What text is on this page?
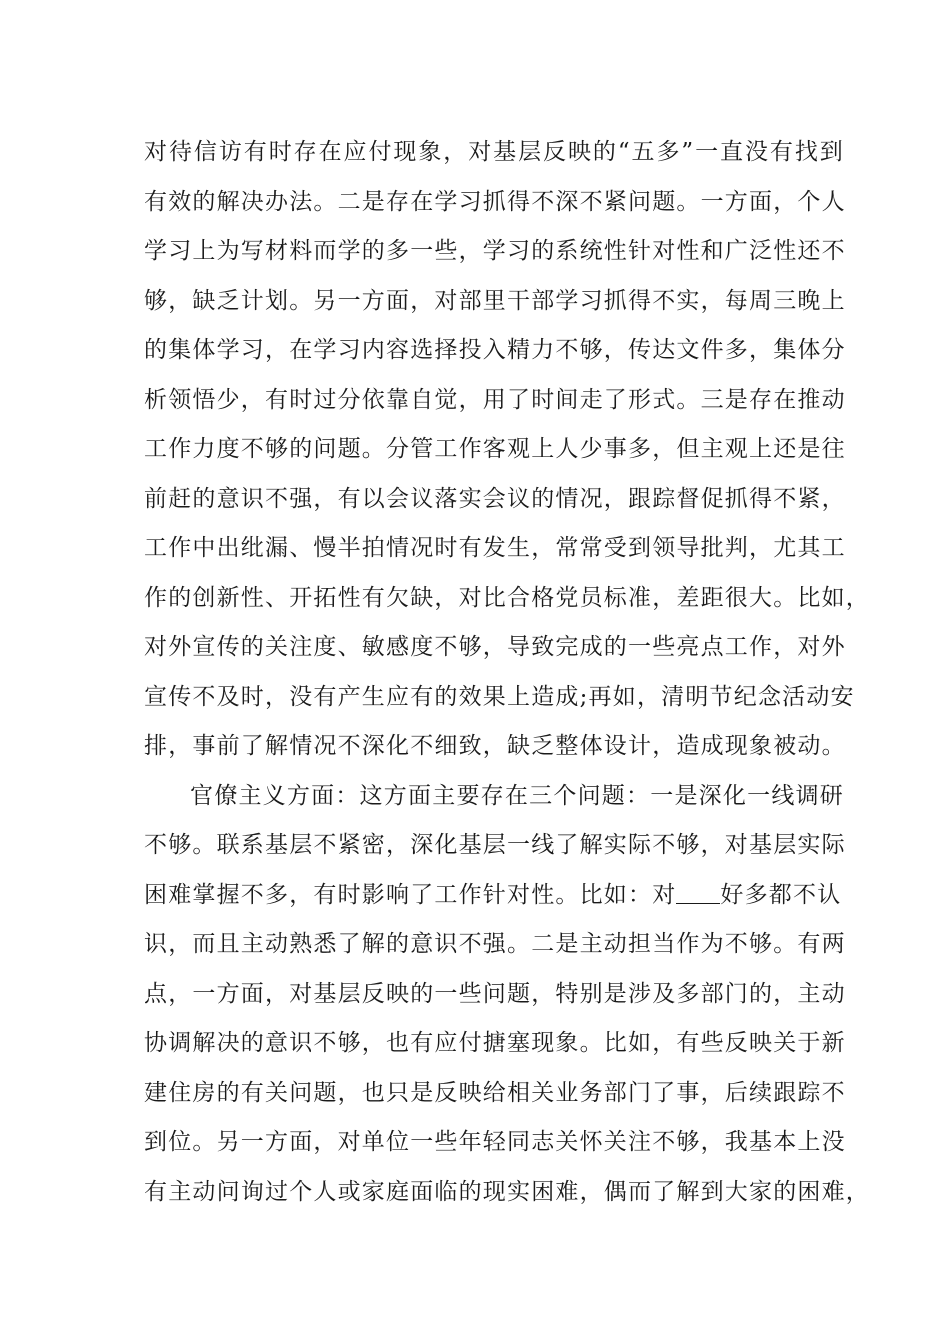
对待信访有时存在应付现象，对基层反映的“五多”一直没有找到
有效的解决办法。二是存在学习抓得不深不紧问题。一方面，个人
学习上为写材料而学的多一些，学习的系统性针对性和广泛性还不
够，缺乏计划。另一方面，对部里干部学习抓得不实，每周三晚上
的集体学习，在学习内容选择投入精力不够，传达文件多，集体分
析领悟少，有时过分依靠自觉，用了时间走了形式。三是存在推动
工作力度不够的问题。分管工作客观上人少事多，但主观上还是往
前赶的意识不强，有以会议落实会议的情况，跟踪督促抓得不紧，
工作中出纰漏、慢半拍情况时有发生，常常受到领导批判，尤其工
作的创新性、开拓性有欠缺，对比合格党员标准，差距很大。比如，
对外宣传的关注度、敏感度不够，导致完成的一些亮点工作，对外
宣传不及时，没有产生应有的效果上造成;再如，清明节纪念活动安
排，事前了解情况不深化不细致，缺乏整体设计，造成现象被动。
官僚主义方面：这方面主要存在三个问题：一是深化一线调研
不够。联系基层不紧密，深化基层一线了解实际不够，对基层实际
困难掌握不多，有时影响了工作针对性。比如：对 好多都不认
识，而且主动熟悉了解的意识不强。二是主动担当作为不够。有两
点，一方面，对基层反映的一些问题，特别是涉及多部门的，主动
协调解决的意识不够，也有应付搪塞现象。比如，有些反映关于新
建住房的有关问题，也只是反映给相关业务部门了事，后续跟踪不
到位。另一方面，对单位一些年轻同志关怀关注不够，我基本上没
有主动问询过个人或家庭面临的现实困难，偶而了解到大家的困难，
